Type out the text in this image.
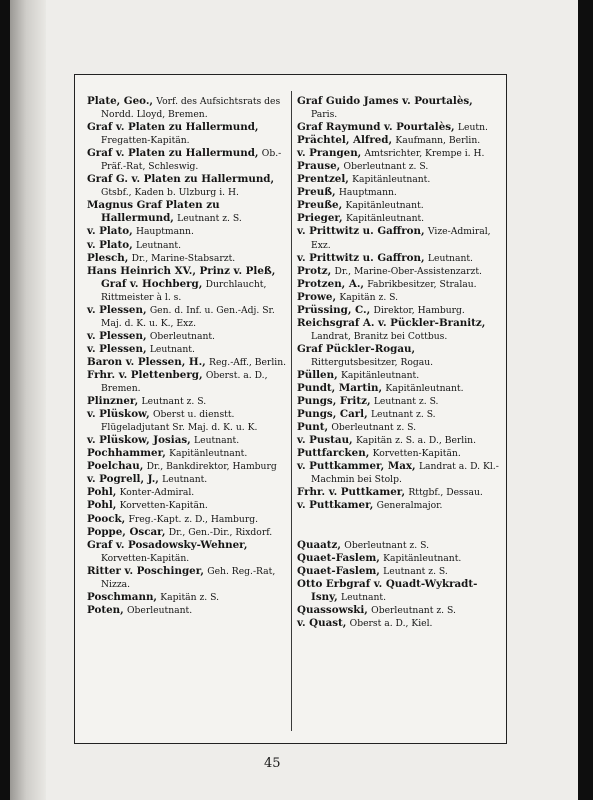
Plate, Geo., Vorf. des Aufsichtsrats des Nordd. Lloyd, Bremen.
Graf v. Platen zu Hallermund, Fregatten-Kapitän.
Graf v. Platen zu Hallermund, Ob.-Präf.-Rat, Schleswig.
Graf G. v. Platen zu Hallermund, Gtsbf., Kaden b. Ulzburg i. H.
Magnus Graf Platen zu Hallermund, Leutnant z. S.
v. Plato, Hauptmann.
v. Plato, Leutnant.
Plesch, Dr., Marine-Stabsarzt.
Hans Heinrich XV., Prinz v. Pleß, Graf v. Hochberg, Durchlaucht, Rittmeister à l. s.
v. Plessen, Gen. d. Inf. u. Gen.-Adj. Sr. Maj. d. K. u. K., Exz.
v. Plessen, Oberleutnant.
v. Plessen, Leutnant.
Baron v. Plessen, H., Reg.-Aff., Berlin.
Frhr. v. Plettenberg, Oberst. a. D., Bremen.
Plinzner, Leutnant z. S.
v. Plüskow, Oberst u. dienstt. Flügeladjutant Sr. Maj. d. K. u. K.
v. Plüskow, Josias, Leutnant.
Pochhammer, Kapitänleutnant.
Poelchau, Dr., Bankdirektor, Hamburg
v. Pogrell, J., Leutnant.
Pohl, Konter-Admiral.
Pohl, Korvetten-Kapitän.
Poock, Freg.-Kapt. z. D., Hamburg.
Poppe, Oscar, Dr., Gen.-Dir., Rixdorf.
Graf v. Posadowsky-Wehner, Korvetten-Kapitän.
Ritter v. Poschinger, Geh. Reg.-Rat, Nizza.
Poschmann, Kapitän z. S.
Poten, Oberleutnant.
Graf Guido James v. Pourtalès, Paris.
Graf Raymund v. Pourtalès, Leutn.
Prächtel, Alfred, Kaufmann, Berlin.
v. Prangen, Amtsrichter, Krempe i. H.
Prause, Oberleutnant z. S.
Prentzel, Kapitänleutnant.
Preuß, Hauptmann.
Preuße, Kapitänleutnant.
Prieger, Kapitänleutnant.
v. Prittwitz u. Gaffron, Vize-Admiral, Exz.
v. Prittwitz u. Gaffron, Leutnant.
Protz, Dr., Marine-Ober-Assistenzarzt.
Protzen, A., Fabrikbesitzer, Stralau.
Prowe, Kapitän z. S.
Prüssing, C., Direktor, Hamburg.
Reichsgraf A. v. Pückler-Branitz, Landrat, Branitz bei Cottbus.
Graf Pückler-Rogau, Rittergutsbesitzer, Rogau.
Püllen, Kapitänleutnant.
Pundt, Martin, Kapitänleutnant.
Pungs, Fritz, Leutnant z. S.
Pungs, Carl, Leutnant z. S.
Punt, Oberleutnant z. S.
v. Pustau, Kapitän z. S. a. D., Berlin.
Puttfarcken, Korvetten-Kapitän.
v. Puttkammer, Max, Landrat a. D. Kl.-Machmin bei Stolp.
Frhr. v. Puttkamer, Rttgbf., Dessau.
v. Puttkamer, Generalmajor.
Quaatz, Oberleutnant z. S.
Quaet-Faslem, Kapitänleutnant.
Quaet-Faslem, Leutnant z. S.
Otto Erbgraf v. Quadt-Wykradt-Isny, Leutnant.
Quassowski, Oberleutnant z. S.
v. Quast, Oberst a. D., Kiel.
45
